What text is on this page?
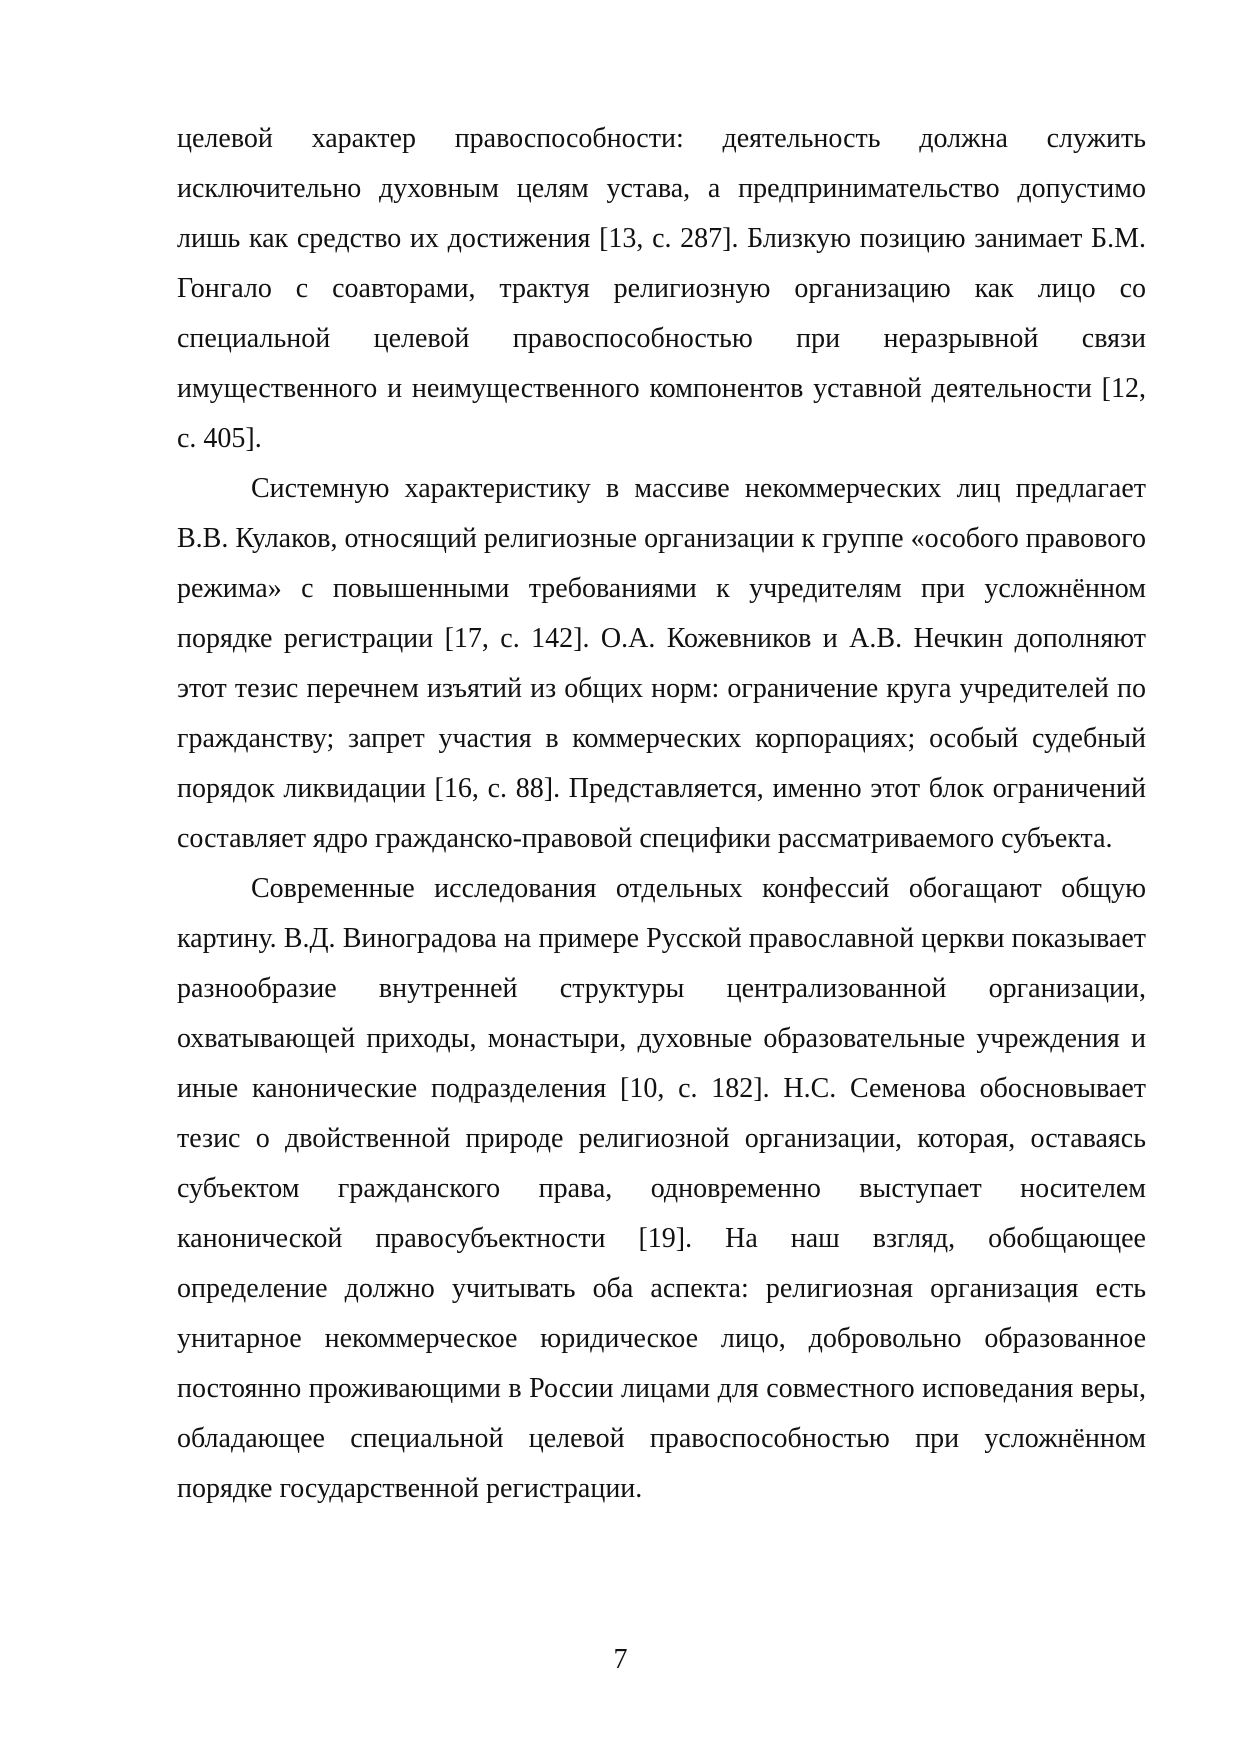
целевой характер правоспособности: деятельность должна служить исключительно духовным целям устава, а предпринимательство допустимо лишь как средство их достижения [13, с. 287]. Близкую позицию занимает Б.М. Гонгало с соавторами, трактуя религиозную организацию как лицо со специальной целевой правоспособностью при неразрывной связи имущественного и неимущественного компонентов уставной деятельности [12, с. 405].

Системную характеристику в массиве некоммерческих лиц предлагает В.В. Кулаков, относящий религиозные организации к группе «особого правового режима» с повышенными требованиями к учредителям при усложнённом порядке регистрации [17, с. 142]. О.А. Кожевников и А.В. Нечкин дополняют этот тезис перечнем изъятий из общих норм: ограничение круга учредителей по гражданству; запрет участия в коммерческих корпорациях; особый судебный порядок ликвидации [16, с. 88]. Представляется, именно этот блок ограничений составляет ядро гражданско-правовой специфики рассматриваемого субъекта.

Современные исследования отдельных конфессий обогащают общую картину. В.Д. Виноградова на примере Русской православной церкви показывает разнообразие внутренней структуры централизованной организации, охватывающей приходы, монастыри, духовные образовательные учреждения и иные канонические подразделения [10, с. 182]. Н.С. Семенова обосновывает тезис о двойственной природе религиозной организации, которая, оставаясь субъектом гражданского права, одновременно выступает носителем канонической правосубъектности [19]. На наш взгляд, обобщающее определение должно учитывать оба аспекта: религиозная организация есть унитарное некоммерческое юридическое лицо, добровольно образованное постоянно проживающими в России лицами для совместного исповедания веры, обладающее специальной целевой правоспособностью при усложнённом порядке государственной регистрации.

7
